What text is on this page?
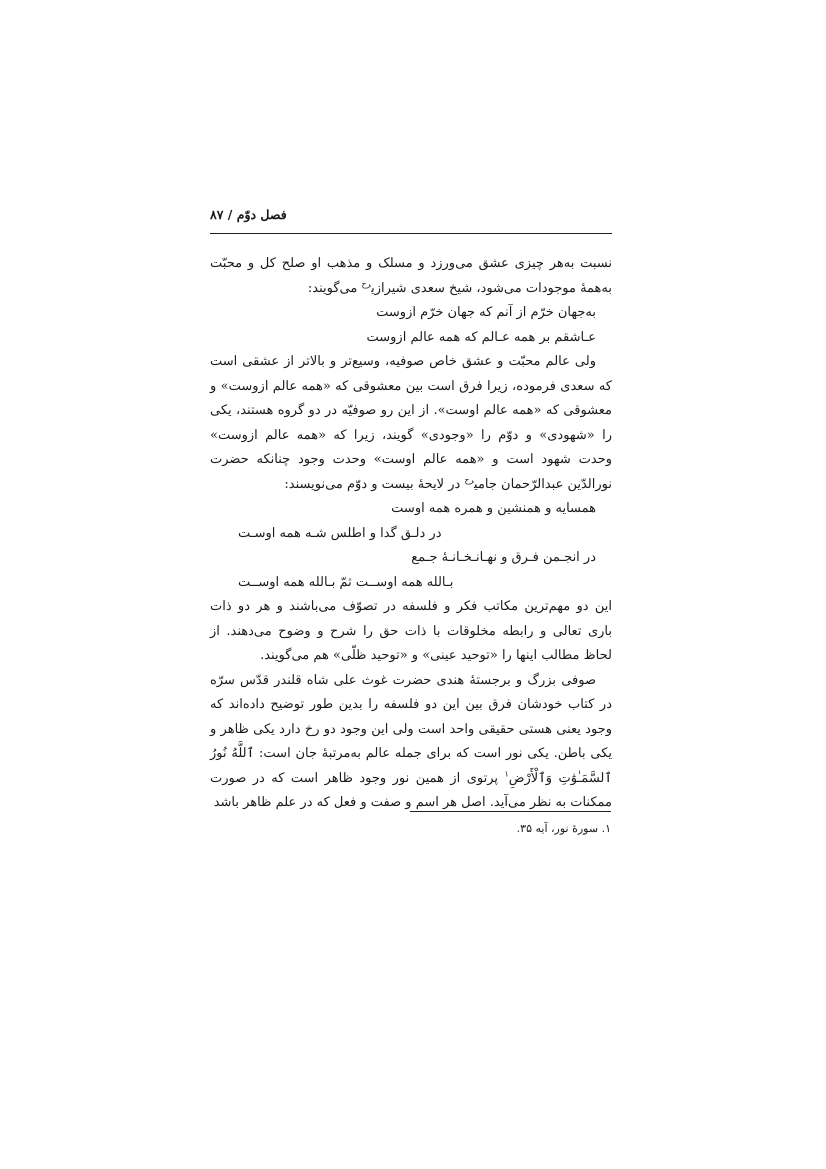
فصل دوّم / ۸۷

نسبت به‌هر چیزی عشق می‌ورزد و مسلک و مذهب او صلح کل و محبّت به‌همهٔ موجودات می‌شود، شیخ سعدی شیرازی$^{رح}$ می‌گویند:

به‌جهان خرّم از آنم که جهان خرّم ازوست

عـاشقم بر همه عـالم که همه عالم ازوست

ولی عالم محبّت و عشق خاص صوفیه، وسیع‌تر و بالاتر از عشقی است که سعدی فرموده، زیرا فرق است بین معشوقی که «همه عالم ازوست» و معشوقی که «همه عالم اوست». از این رو صوفیّه در دو گروه هستند، یکی را «شهودی» و دوّم را «وجودی» گویند، زیرا که «همه عالم ازوست» وحدت شهود است و «همه عالم اوست» وحدت وجود چنانکه حضرت نورالدّین عبدالرّحمان جامی$^{رح}$ در لایحهٔ بیست و دوّم می‌نویسند:

همسایه و همنشین و همره همه اوست

در دلـق گدا و اطلس شـه همه اوسـت

در انجـمن فـرق و نهـانـخـانـهٔ جـمع

بـالله همه اوســت ثمّ بـالله همه اوســت

این دو مهم‌ترین مکاتب فکر و فلسفه در تصوّف می‌باشند و هر دو ذات باری تعالی و رابطه مخلوقات با ذات حق را شرح و وضوح می‌دهند. از لحاظ مطالب اینها را «توحید عینی» و «توحید ظلّی» هم می‌گویند.

صوفی بزرگ و برجستهٔ هندی حضرت غوث علی شاه قلندر قدّس سرّه در کتاب خودشان فرق بین این دو فلسفه را بدین طور توضیح داده‌اند که وجود یعنی هستی حقیقی واحد است ولی این وجود دو رخ دارد یکی ظاهر و یکی باطن. یکی نور است که برای جمله عالم به‌مرتبهٔ جان است: ٱللَّهُ نُورُ ٱلسَّمَـٰوَٰتِ وَٱلْأَرْضِ$^۱$ پرتوی از همین نور وجود ظاهر است که در صورت ممکنات به نظر می‌آید. اصل هر اسم و صفت و فعل که در علم ظاهر باشد

۱. سورهٔ نور، آیه ۳۵.
